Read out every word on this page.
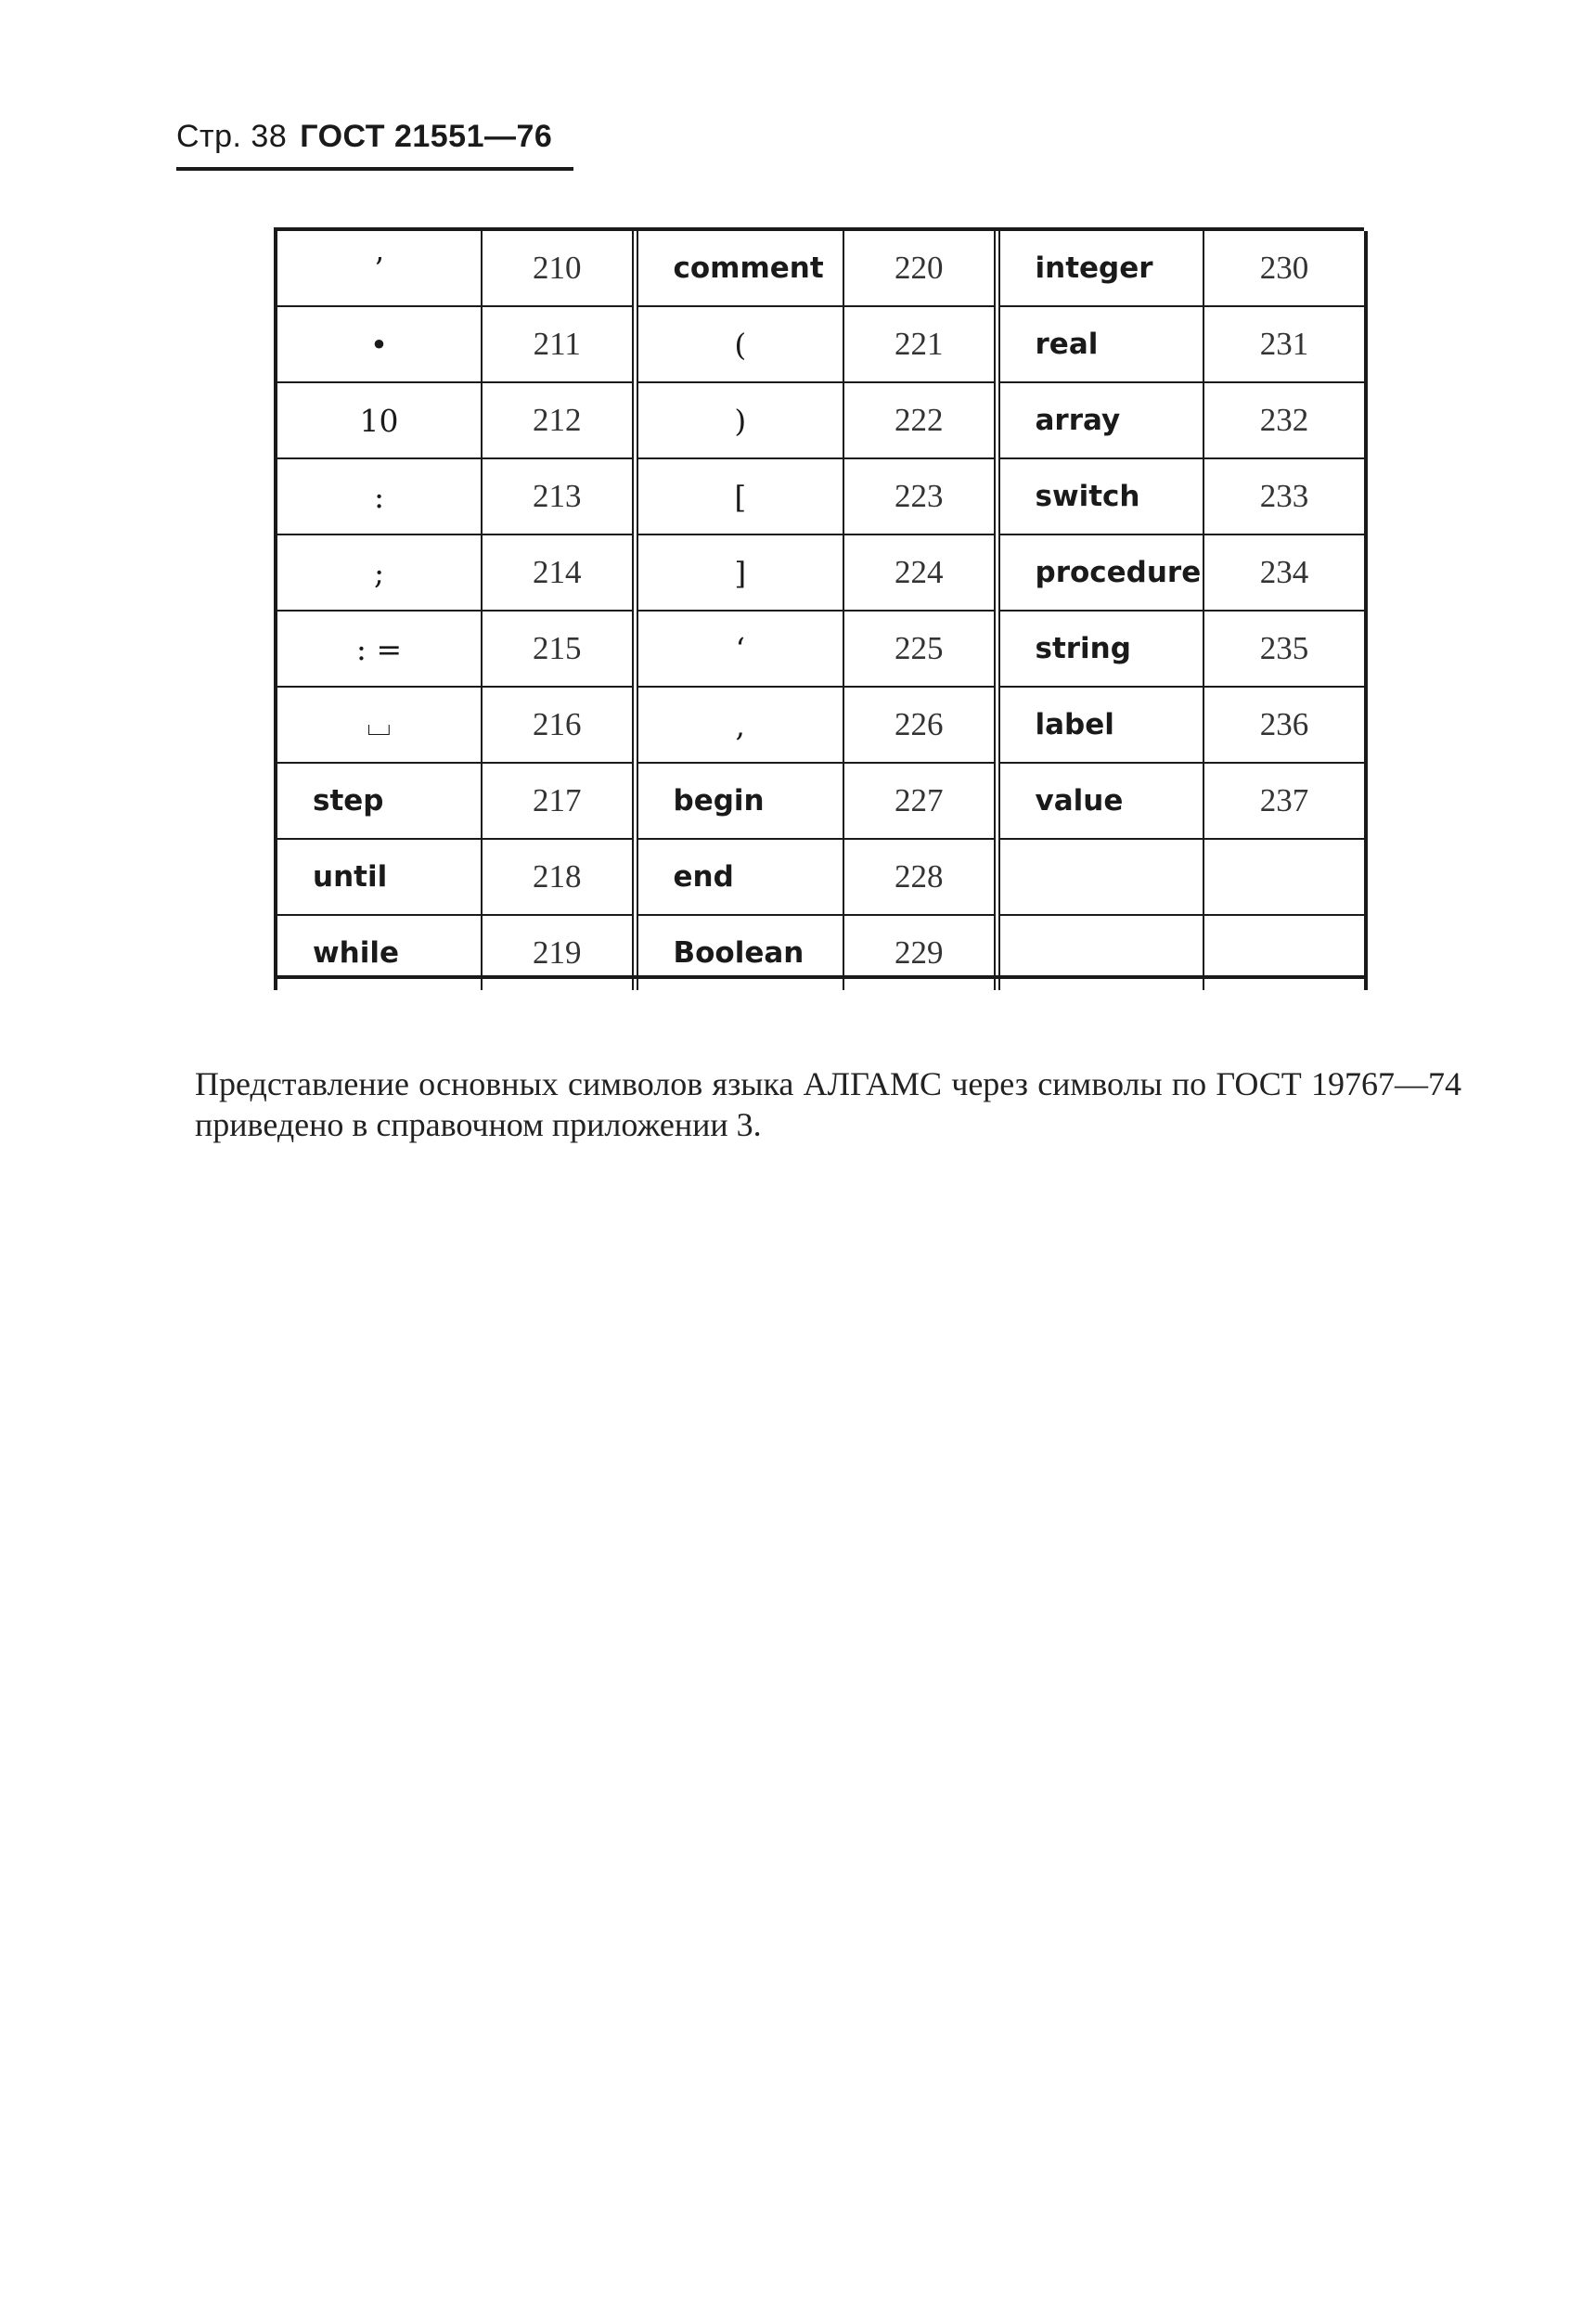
Стр. 38 ГОСТ 21551—76
’	210	comment	220	integer	230
•	211	(	221	real	231
10	212	)	222	array	232
:	213	[	223	switch	233
;	214	]	224	procedure	234
: =	215	‘	225	string	235
⌴	216	,	226	label	236
step	217	begin	227	value	237
until	218	end	228		
while	219	Boolean	229		

Представление основных символов языка АЛГАМС через символы по ГОСТ 19767—74 приведено в справочном приложении 3.
